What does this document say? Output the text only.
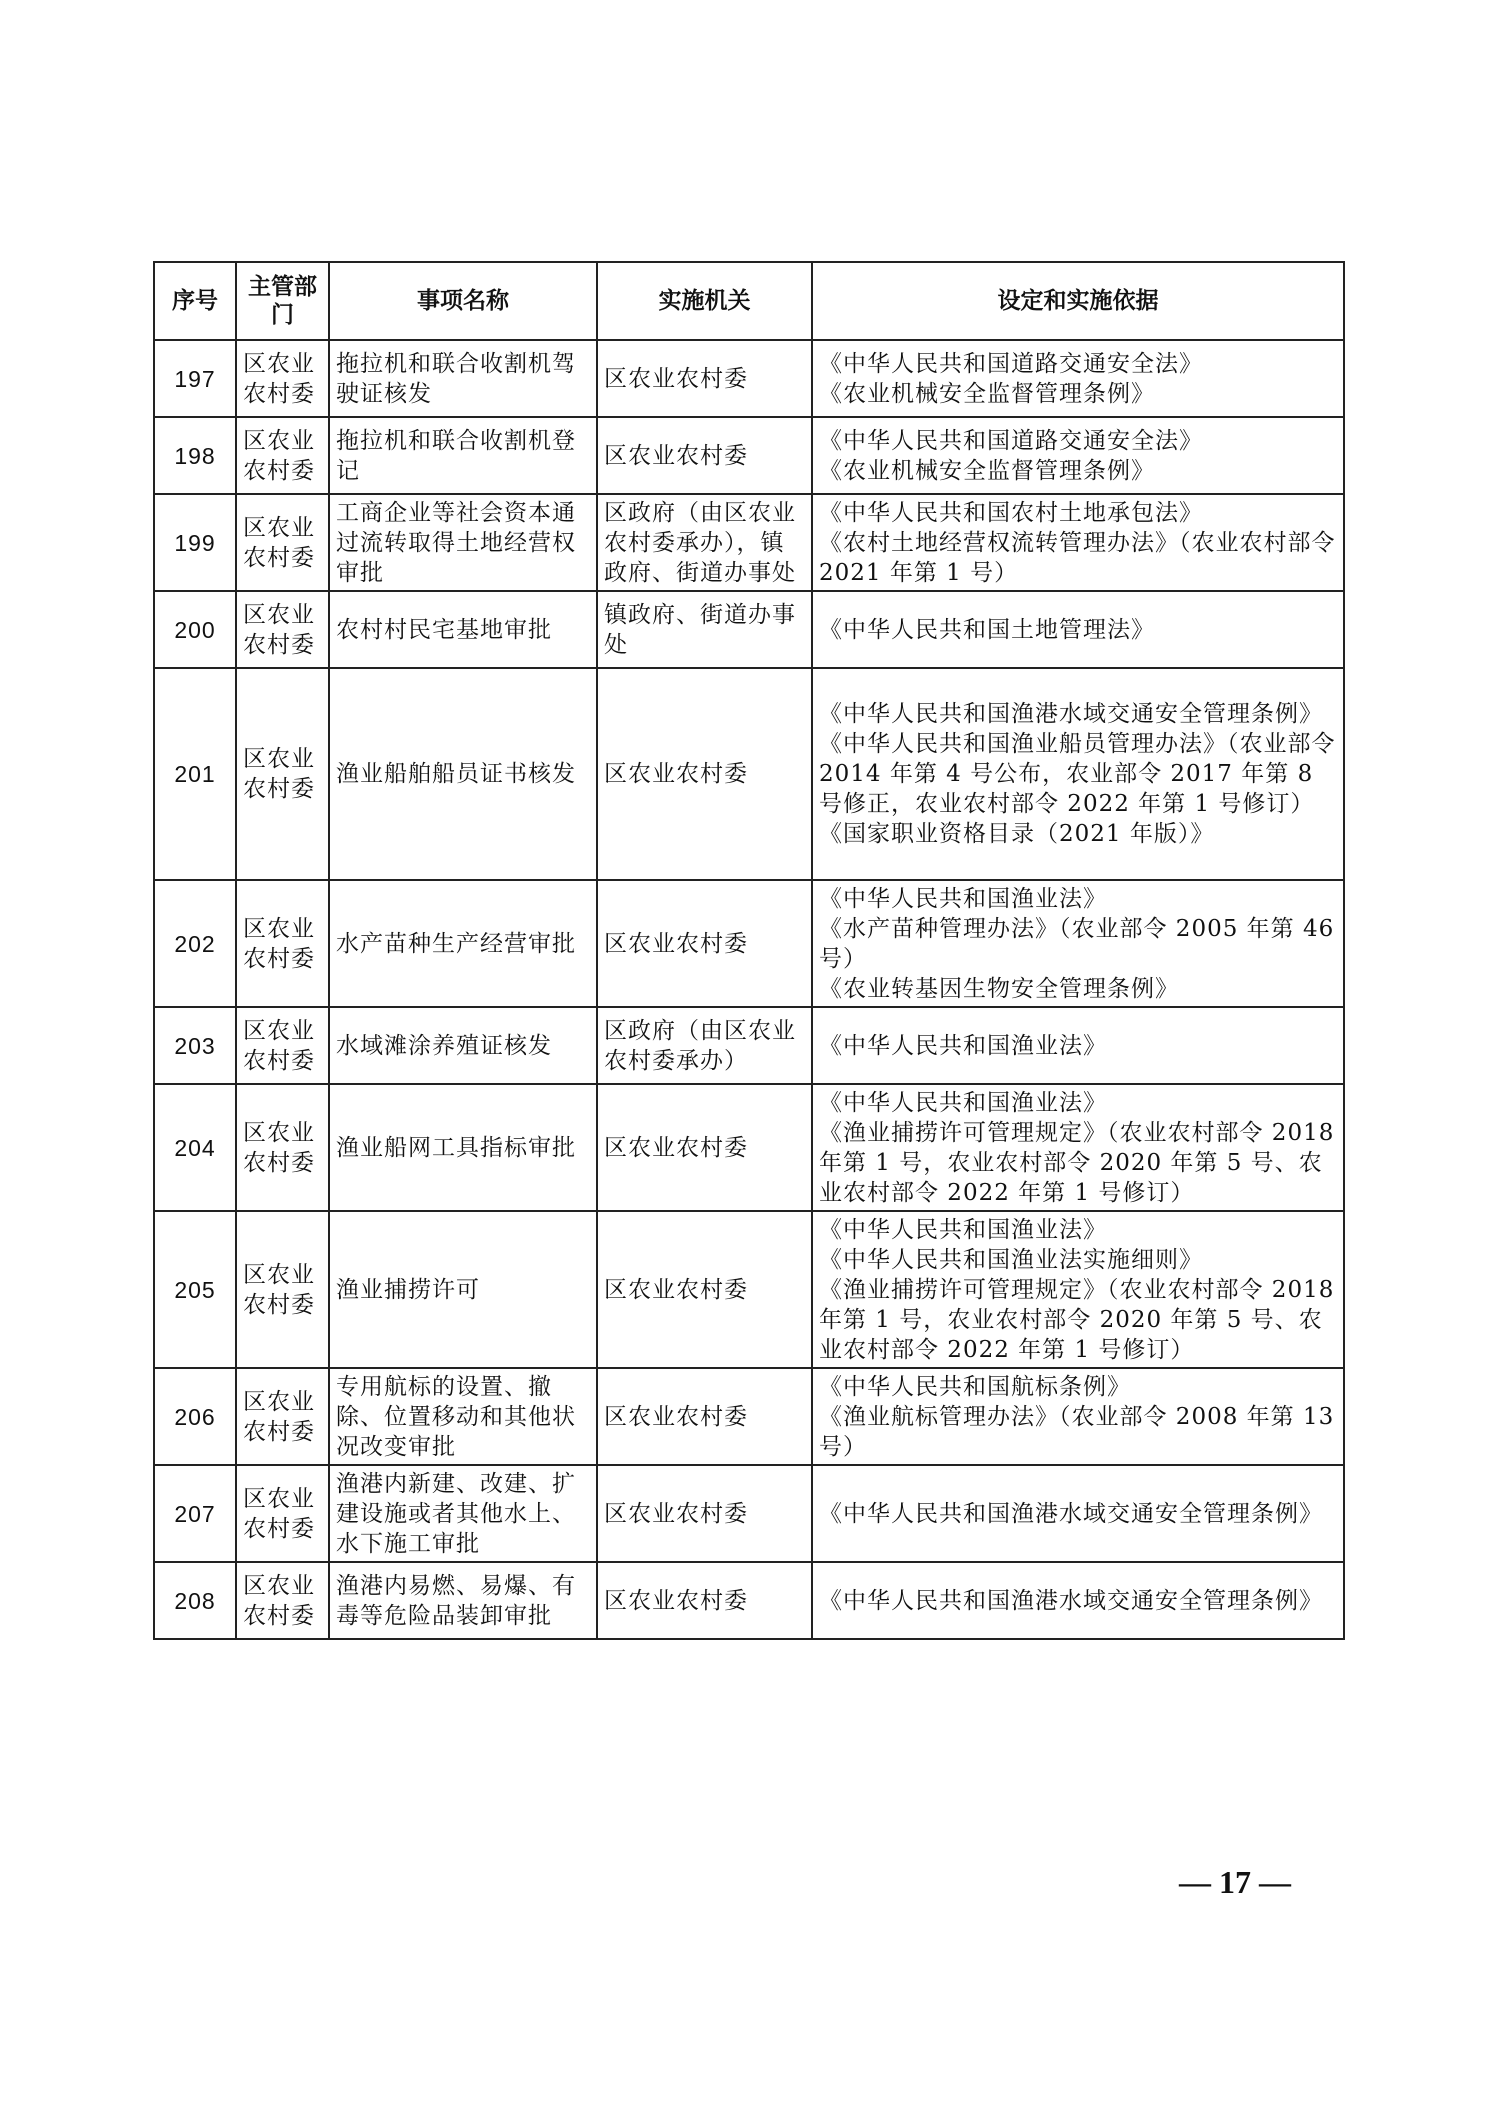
序号	主管部门	事项名称	实施机关	设定和实施依据
197	区农业农村委	拖拉机和联合收割机驾驶证核发	区农业农村委	《中华人民共和国道路交通安全法》
《农业机械安全监督管理条例》

198	区农业农村委	拖拉机和联合收割机登记	区农业农村委	《中华人民共和国道路交通安全法》
《农业机械安全监督管理条例》

199	区农业农村委	工商企业等社会资本通过流转取得土地经营权审批	区政府（由区农业农村委承办），镇政府、街道办事处	《中华人民共和国农村土地承包法》
《农村土地经营权流转管理办法》（农业农村部令 2021 年第 1 号）

200	区农业农村委	农村村民宅基地审批	镇政府、街道办事处	《中华人民共和国土地管理法》

201	区农业农村委	渔业船舶船员证书核发	区农业农村委	《中华人民共和国渔港水域交通安全管理条例》
《中华人民共和国渔业船员管理办法》（农业部令 2014 年第 4 号公布，农业部令 2017 年第 8 号修正，农业农村部令 2022 年第 1 号修订）
《国家职业资格目录（2021 年版）》

202	区农业农村委	水产苗种生产经营审批	区农业农村委	《中华人民共和国渔业法》
《水产苗种管理办法》（农业部令 2005 年第 46 号）
《农业转基因生物安全管理条例》

203	区农业农村委	水域滩涂养殖证核发	区政府（由区农业农村委承办）	《中华人民共和国渔业法》

204	区农业农村委	渔业船网工具指标审批	区农业农村委	《中华人民共和国渔业法》
《渔业捕捞许可管理规定》（农业农村部令 2018 年第 1 号，农业农村部令 2020 年第 5 号、农业农村部令 2022 年第 1 号修订）

205	区农业农村委	渔业捕捞许可	区农业农村委	《中华人民共和国渔业法》
《中华人民共和国渔业法实施细则》
《渔业捕捞许可管理规定》（农业农村部令 2018 年第 1 号，农业农村部令 2020 年第 5 号、农业农村部令 2022 年第 1 号修订）

206	区农业农村委	专用航标的设置、撤除、位置移动和其他状况改变审批	区农业农村委	《中华人民共和国航标条例》
《渔业航标管理办法》（农业部令 2008 年第 13 号）

207	区农业农村委	渔港内新建、改建、扩建设施或者其他水上、水下施工审批	区农业农村委	《中华人民共和国渔港水域交通安全管理条例》

208	区农业农村委	渔港内易燃、易爆、有毒等危险品装卸审批	区农业农村委	《中华人民共和国渔港水域交通安全管理条例》
— 17 —
